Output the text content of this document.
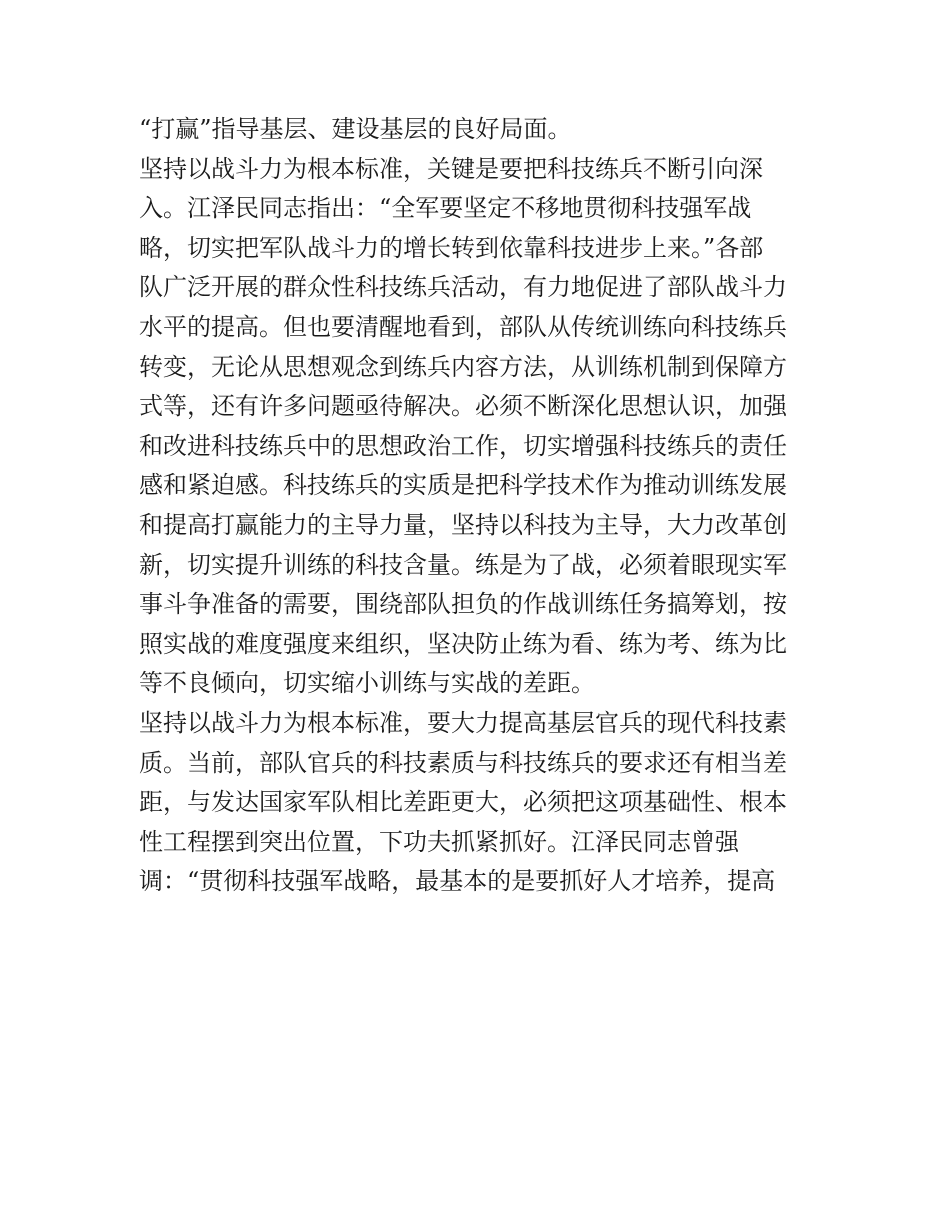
“打赢”指导基层、建设基层的良好局面。
坚持以战斗力为根本标准，关键是要把科技练兵不断引向深
入。江泽民同志指出：“全军要坚定不移地贯彻科技强军战
略，切实把军队战斗力的增长转到依靠科技进步上来。”各部
队广泛开展的群众性科技练兵活动，有力地促进了部队战斗力
水平的提高。但也要清醒地看到，部队从传统训练向科技练兵
转变，无论从思想观念到练兵内容方法，从训练机制到保障方
式等，还有许多问题亟待解决。必须不断深化思想认识，加强
和改进科技练兵中的思想政治工作，切实增强科技练兵的责任
感和紧迫感。科技练兵的实质是把科学技术作为推动训练发展
和提高打赢能力的主导力量，坚持以科技为主导，大力改革创
新，切实提升训练的科技含量。练是为了战，必须着眼现实军
事斗争准备的需要，围绕部队担负的作战训练任务搞筹划，按
照实战的难度强度来组织，坚决防止练为看、练为考、练为比
等不良倾向，切实缩小训练与实战的差距。
坚持以战斗力为根本标准，要大力提高基层官兵的现代科技素
质。当前，部队官兵的科技素质与科技练兵的要求还有相当差
距，与发达国家军队相比差距更大，必须把这项基础性、根本
性工程摆到突出位置，下功夫抓紧抓好。江泽民同志曾强
调：“贯彻科技强军战略，最基本的是要抓好人才培养，提高
